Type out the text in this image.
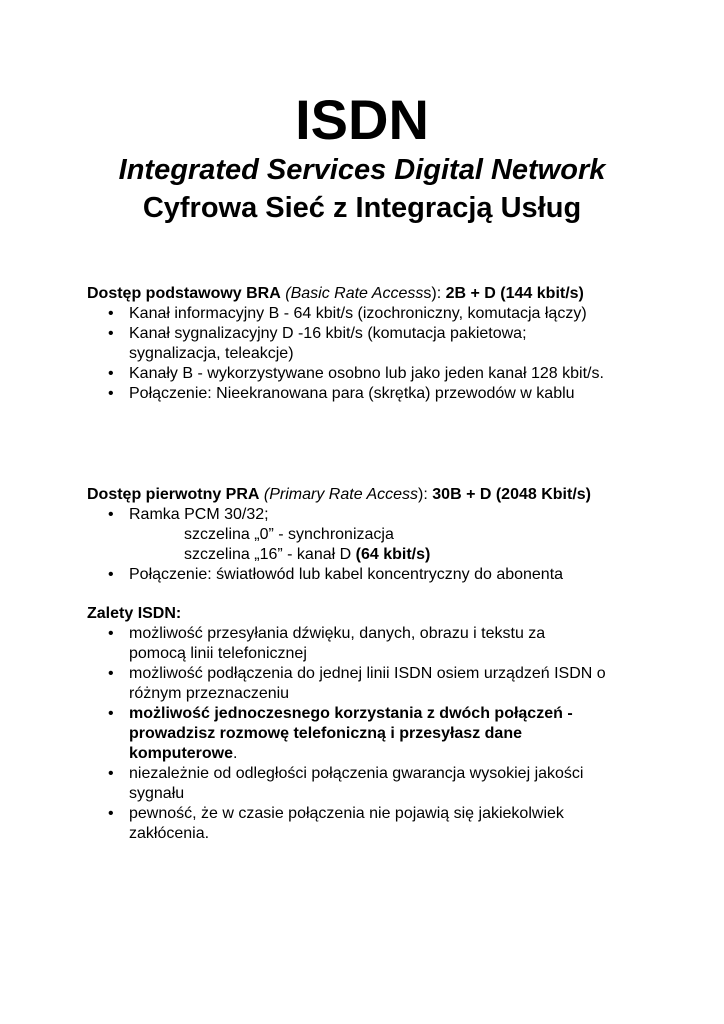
ISDN
Integrated Services Digital Network
Cyfrowa Sieć z Integracją Usług
Dostęp podstawowy BRA (Basic Rate Accesss): 2B + D (144 kbit/s)
• Kanał informacyjny B - 64 kbit/s (izochroniczny, komutacja łączy)
• Kanał sygnalizacyjny D -16 kbit/s (komutacja pakietowa;
sygnalizacja, teleakcje)
• Kanały B - wykorzystywane osobno lub jako jeden kanał 128 kbit/s.
• Połączenie: Nieekranowana para (skrętka) przewodów w kablu
Dostęp pierwotny PRA (Primary Rate Access): 30B + D (2048 Kbit/s)
• Ramka PCM 30/32;
szczelina „0” - synchronizacja
szczelina „16” - kanał D (64 kbit/s)
• Połączenie: światłowód lub kabel koncentryczny do abonenta
Zalety ISDN:
• możliwość przesyłania dźwięku, danych, obrazu i tekstu za
pomocą linii telefonicznej
• możliwość podłączenia do jednej linii ISDN osiem urządzeń ISDN o
różnym przeznaczeniu
• możliwość jednoczesnego korzystania z dwóch połączeń -
prowadzisz rozmowę telefoniczną i przesyłasz dane
komputerowe.
• niezależnie od odległości połączenia gwarancja wysokiej jakości
sygnału
• pewność, że w czasie połączenia nie pojawią się jakiekolwiek
zakłócenia.
